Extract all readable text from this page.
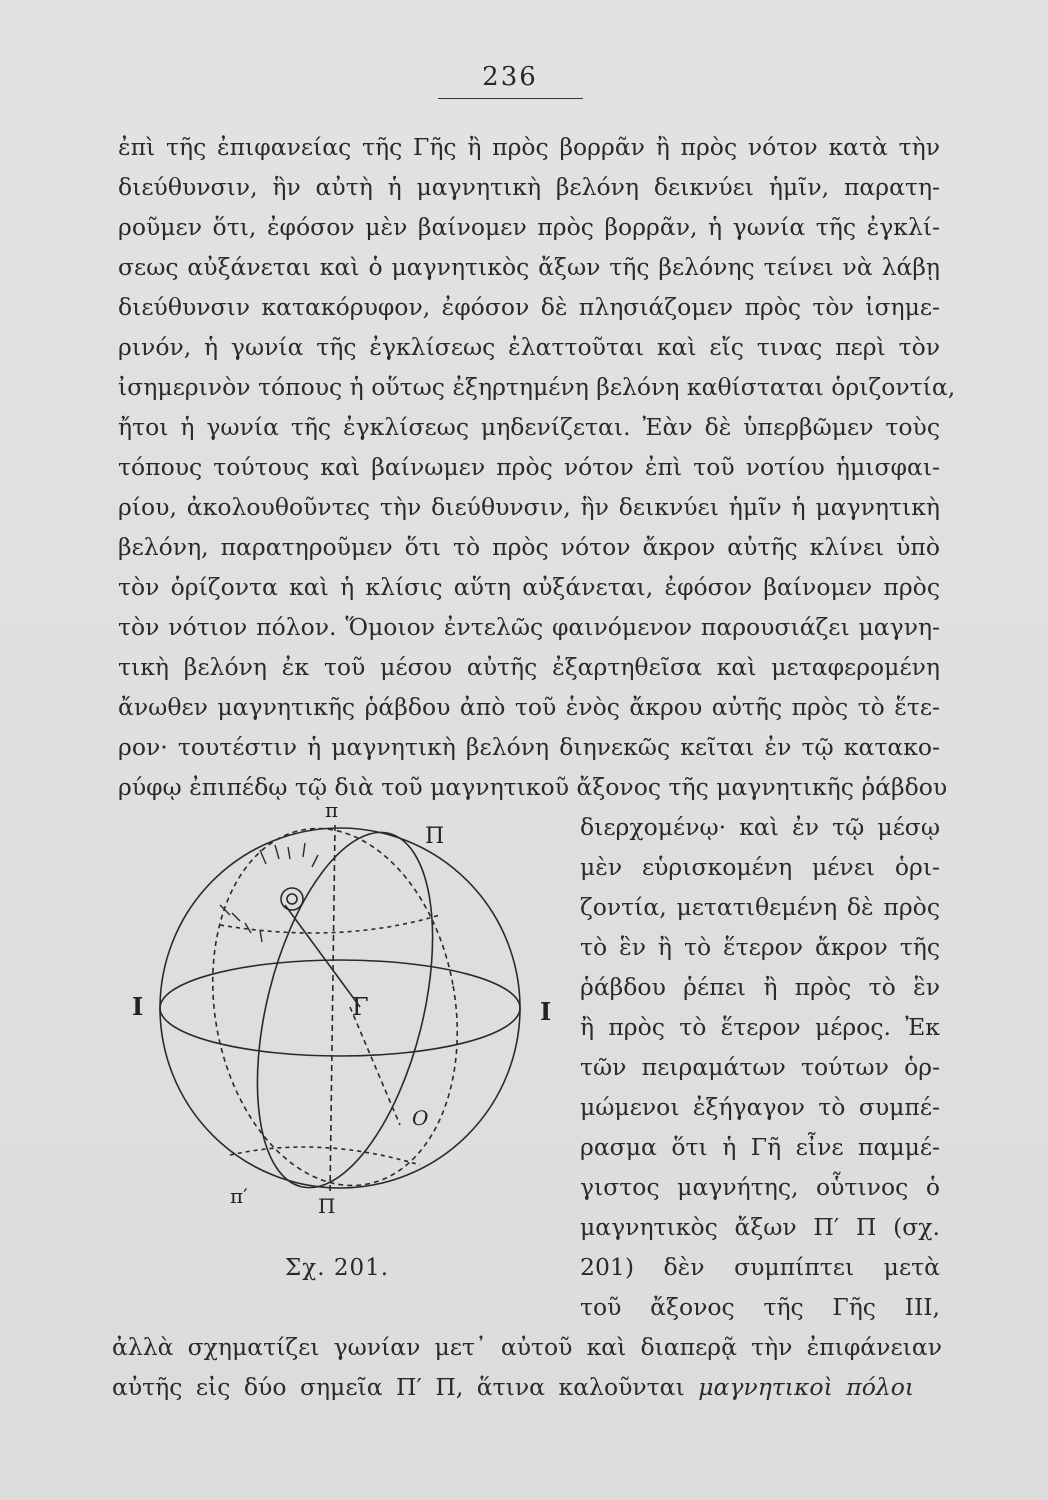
236
ἐπὶ τῆς ἐπιφανείας τῆς Γῆς ἢ πρὸς βορρᾶν ἢ πρὸς νότον κατὰ τὴν
διεύθυνσιν, ἣν αὐτὴ ἡ μαγνητικὴ βελόνη δεικνύει ἡμῖν, παρατη-
ροῦμεν ὅτι, ἐφόσον μὲν βαίνομεν πρὸς βορρᾶν, ἡ γωνία τῆς ἐγκλί-
σεως αὐξάνεται καὶ ὁ μαγνητικὸς ἄξων τῆς βελόνης τείνει νὰ λάβῃ
διεύθυνσιν κατακόρυφον, ἐφόσον δὲ πλησιάζομεν πρὸς τὸν ἰσημε-
ρινόν, ἡ γωνία τῆς ἐγκλίσεως ἐλαττοῦται καὶ εἴς τινας περὶ τὸν
ἰσημερινὸν τόπους ἡ οὕτως ἐξηρτημένη βελόνη καθίσταται ὁριζοντία,
ἤτοι ἡ γωνία τῆς ἐγκλίσεως μηδενίζεται. Ἐὰν δὲ ὑπερβῶμεν τοὺς
τόπους τούτους καὶ βαίνωμεν πρὸς νότον ἐπὶ τοῦ νοτίου ἡμισφαι-
ρίου, ἀκολουθοῦντες τὴν διεύθυνσιν, ἣν δεικνύει ἡμῖν ἡ μαγνητικὴ
βελόνη, παρατηροῦμεν ὅτι τὸ πρὸς νότον ἄκρον αὐτῆς κλίνει ὑπὸ
τὸν ὁρίζοντα καὶ ἡ κλίσις αὕτη αὐξάνεται, ἐφόσον βαίνομεν πρὸς
τὸν νότιον πόλον. Ὅμοιον ἐντελῶς φαινόμενον παρουσιάζει μαγνη-
τικὴ βελόνη ἐκ τοῦ μέσου αὐτῆς ἐξαρτηθεῖσα καὶ μεταφερομένη
ἄνωθεν μαγνητικῆς ῥάβδου ἀπὸ τοῦ ἑνὸς ἄκρου αὐτῆς πρὸς τὸ ἕτε-
ρον· τουτέστιν ἡ μαγνητικὴ βελόνη διηνεκῶς κεῖται ἐν τῷ κατακο-
ρύφῳ ἐπιπέδῳ τῷ διὰ τοῦ μαγνητικοῦ ἄξονος τῆς μαγνητικῆς ῥάβδου
διερχομένῳ· καὶ ἐν τῷ μέσῳ
μὲν εὑρισκομένη μένει ὁρι-
ζοντία, μετατιθεμένη δὲ πρὸς
τὸ ἓν ἢ τὸ ἕτερον ἄκρον τῆς
ῥάβδου ῥέπει ἢ πρὸς τὸ ἓν
ἢ πρὸς τὸ ἕτερον μέρος. Ἐκ
τῶν πειραμάτων τούτων ὁρ-
μώμενοι ἐξήγαγον τὸ συμπέ-
ρασμα ὅτι ἡ Γῆ εἶνε παμμέ-
γιστος μαγνήτης, οὗτινος ὁ
μαγνητικὸς ἄξων Π′ Π (σχ.
201) δὲν συμπίπτει μετὰ
τοῦ ἄξονος τῆς Γῆς ΙΙΙ,
π
Π
Ι	Ι
Γ
Ο
π′	Π
Σχ. 201.
ἀλλὰ σχηματίζει γωνίαν μετ᾽ αὐτοῦ καὶ διαπερᾷ τὴν ἐπιφάνειαν
αὐτῆς εἰς δύο σημεῖα Π′ Π, ἅτινα καλοῦνται μαγνητικοὶ πόλοι
